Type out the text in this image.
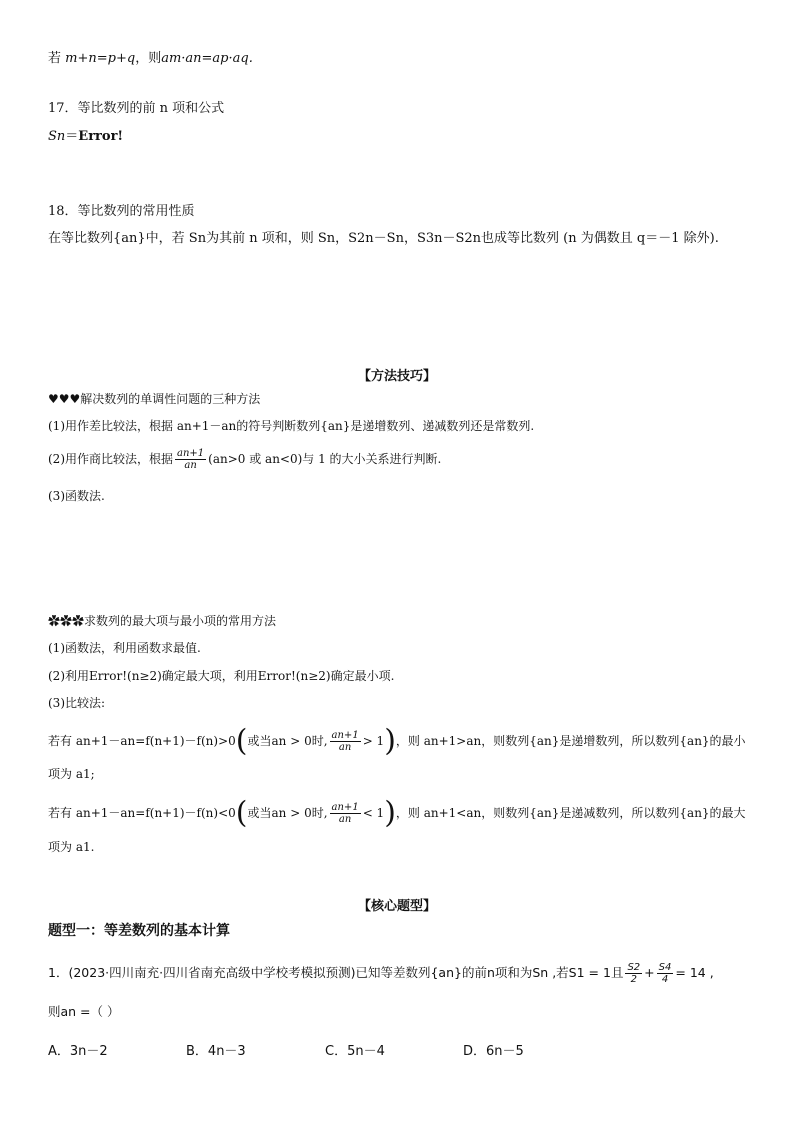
若 m+n=p+q，则am·an=ap·aq.
17．等比数列的前 n 项和公式
Sn＝Error!
18．等比数列的常用性质
在等比数列{an}中，若 Sn为其前 n 项和，则 Sn，S2n－Sn，S3n－S2n也成等比数列 (n 为偶数且 q＝－1 除外).
【方法技巧】
♥♥♥解决数列的单调性问题的三种方法
(1)用作差比较法，根据 an+1－an的符号判断数列{an}是递增数列、递减数列还是常数列.
(2)用作商比较法，根据 $\frac{an+1}{an} (an>0$ 或 an<0)与 1 的大小关系进行判断.
(3)函数法.
✿✿✿求数列的最大项与最小项的常用方法
(1)函数法，利用函数求最值.
(2)利用Error!(n≥2)确定最大项，利用Error!(n≥2)确定最小项.
(3)比较法:
若有 an+1－an=f(n+1)－f(n)>0(或当an > 0时, $\frac{an+1}{an} > 1$)，则 an+1>an，则数列{an}是递增数列，所以数列{an}的最小
项为 a1;
若有 an+1－an=f(n+1)－f(n)<0(或当an > 0时, $\frac{an+1}{an} < 1$)，则 an+1<an，则数列{an}是递减数列，所以数列{an}的最大
项为 a1.
【核心题型】
题型一：等差数列的基本计算
1．(2023·四川南充·四川省南充高级中学校考模拟预测)已知等差数列{an}的前n项和为Sn ,若S1 = 1且 $\frac{S2}{2} + \frac{S4}{4} = 14$ ,
则an =（ ）
A．3n－2	B．4n－3	C．5n－4	D．6n－5
